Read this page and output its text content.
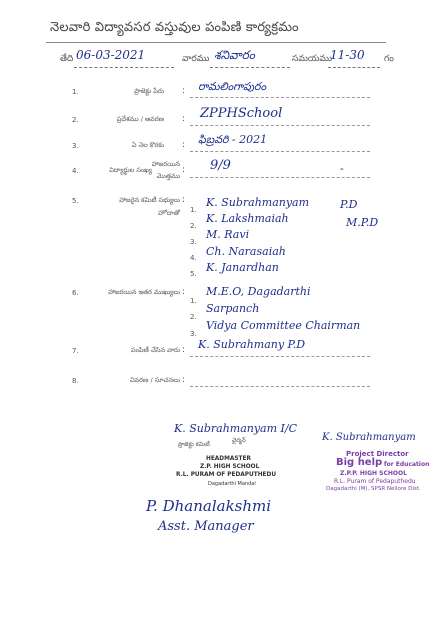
నెలవారి విద్యావసర వస్తువుల పంపిణి కార్యక్రమం
తేది 06-03-2021	వారము శనివారం	సమయము
11-30 గం
1.	ప్రాజెక్టు పేరు : రామలింగాపురం
2.	ప్రదేశము / ఆవరణ : ZPPHSchool
3.	ఏ నెల కొరకు : ఫిబ్రవరి - 2021
4.	విద్యార్థుల సంఖ్య
హాజరయిన
మొత్తము
: 9/9	-
5.	హాజరైన కమిటీ సభ్యులు
హోదాతో
:
1.
K. Subrahmanyam	P.D
2.
K. Lakshmaiah	M.P.D
3.
M. Ravi
4. Ch. Narasaiah
5. K. Janardhan
6.	హాజరయిన ఇతర ముఖ్యులు :
1.
M.E.O, Dagadarthi
2.
Sarpanch
3.
Vidya Committee Chairman
7.	పంపిణీ చేసిన వారు : K. Subrahmany P.D
8.	వివరణ / సూచనలు :
K. Subrahmanyam I/C
ప్రాజెక్టు కమిటీ
చైర్మన్
HEADMASTER
Z.P. HIGH SCHOOL
R.L. PURAM OF PEDAPUTHEDU
Dagadarthi Mandal
K. Subrahmanyam
Project Director
Big help for Education
Z.P.P. HIGH SCHOOL
R.L. Puram of Pedaputhedu
Dagadarthi (M), SPSR Nellore Dist.
P. Dhanalakshmi
Asst. Manager
